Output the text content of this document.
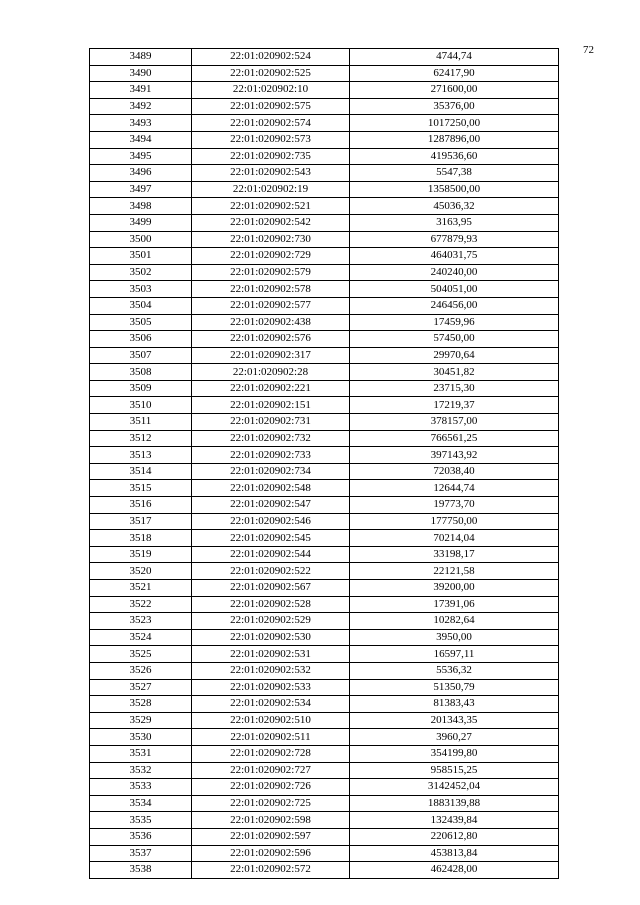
72
3489	22:01:020902:524	4744,74
3490	22:01:020902:525	62417,90
3491	22:01:020902:10	271600,00
3492	22:01:020902:575	35376,00
3493	22:01:020902:574	1017250,00
3494	22:01:020902:573	1287896,00
3495	22:01:020902:735	419536,60
3496	22:01:020902:543	5547,38
3497	22:01:020902:19	1358500,00
3498	22:01:020902:521	45036,32
3499	22:01:020902:542	3163,95
3500	22:01:020902:730	677879,93
3501	22:01:020902:729	464031,75
3502	22:01:020902:579	240240,00
3503	22:01:020902:578	504051,00
3504	22:01:020902:577	246456,00
3505	22:01:020902:438	17459,96
3506	22:01:020902:576	57450,00
3507	22:01:020902:317	29970,64
3508	22:01:020902:28	30451,82
3509	22:01:020902:221	23715,30
3510	22:01:020902:151	17219,37
3511	22:01:020902:731	378157,00
3512	22:01:020902:732	766561,25
3513	22:01:020902:733	397143,92
3514	22:01:020902:734	72038,40
3515	22:01:020902:548	12644,74
3516	22:01:020902:547	19773,70
3517	22:01:020902:546	177750,00
3518	22:01:020902:545	70214,04
3519	22:01:020902:544	33198,17
3520	22:01:020902:522	22121,58
3521	22:01:020902:567	39200,00
3522	22:01:020902:528	17391,06
3523	22:01:020902:529	10282,64
3524	22:01:020902:530	3950,00
3525	22:01:020902:531	16597,11
3526	22:01:020902:532	5536,32
3527	22:01:020902:533	51350,79
3528	22:01:020902:534	81383,43
3529	22:01:020902:510	201343,35
3530	22:01:020902:511	3960,27
3531	22:01:020902:728	354199,80
3532	22:01:020902:727	958515,25
3533	22:01:020902:726	3142452,04
3534	22:01:020902:725	1883139,88
3535	22:01:020902:598	132439,84
3536	22:01:020902:597	220612,80
3537	22:01:020902:596	453813,84
3538	22:01:020902:572	462428,00
